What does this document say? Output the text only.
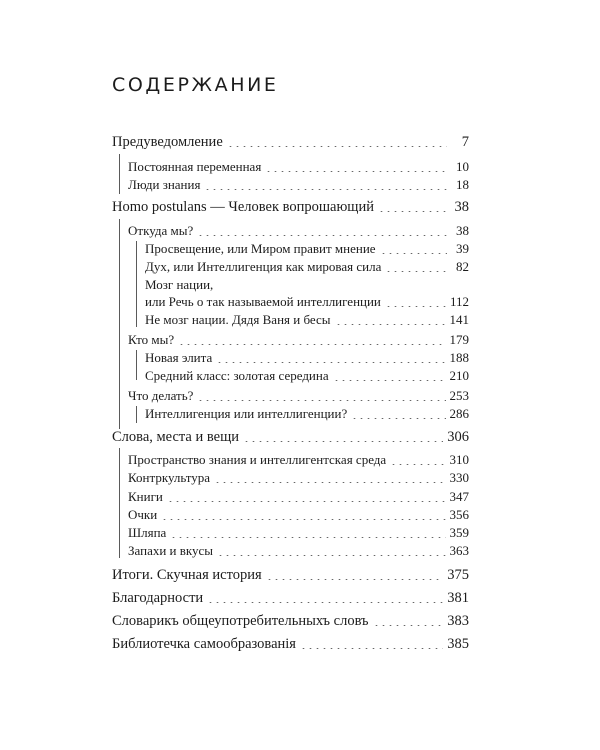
СОДЕРЖАНИЕ
Предуведомление	7
Постоянная переменная	10
Люди знания	18
Homo postulans — Человек вопрошающий	38
Откуда мы?	38
Просвещение, или Миром правит мнение	39
Дух, или Интеллигенция как мировая сила	82
Мозг нации,
или Речь о так называемой интеллигенции	112
Не мозг нации. Дядя Ваня и бесы	141
Кто мы?	179
Новая элита	188
Средний класс: золотая середина	210
Что делать?	253
Интеллигенция или интеллигенции?	286
Слова, места и вещи	306
Пространство знания и интеллигентская среда	310
Контркультура	330
Книги	347
Очки	356
Шляпа	359
Запахи и вкусы	363
Итоги. Скучная история	375
Благодарности	381
Словарикъ общеупотребительныхъ словъ	383
Библиотечка самообразованія	385
